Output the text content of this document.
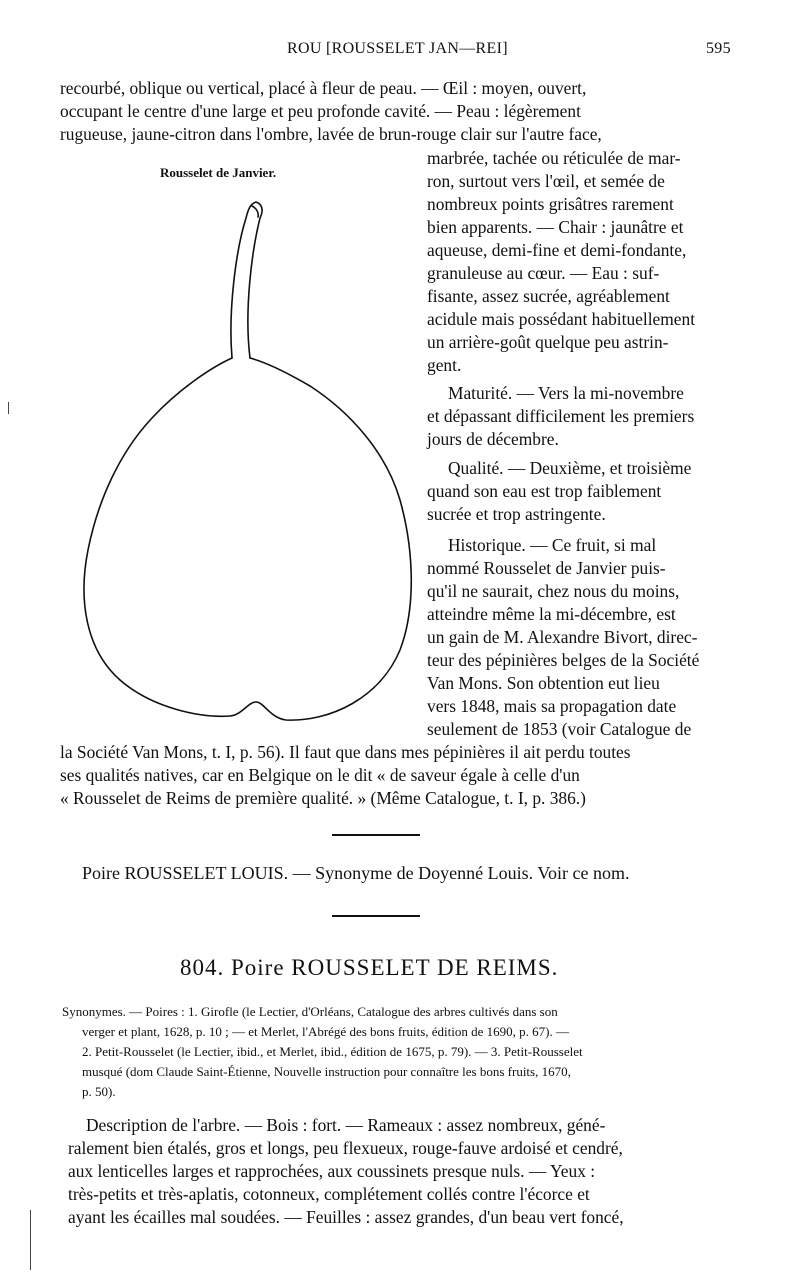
ROU [ROUSSELET JAN—REI]	595
recourbé, oblique ou vertical, placé à fleur de peau. — Œil : moyen, ouvert,
occupant le centre d'une large et peu profonde cavité. — Peau : légèrement
rugueuse, jaune-citron dans l'ombre, lavée de brun-rouge clair sur l'autre face,
Rousselet de Janvier.
marbrée, tachée ou réticulée de mar-
ron, surtout vers l'œil, et semée de
nombreux points grisâtres rarement
bien apparents. — Chair : jaunâtre et
aqueuse, demi-fine et demi-fondante,
granuleuse au cœur. — Eau : suf-
fisante, assez sucrée, agréablement
acidule mais possédant habituellement
un arrière-goût quelque peu astrin-
gent.
Maturité. — Vers la mi-novembre
et dépassant difficilement les premiers
jours de décembre.
Qualité. — Deuxième, et troisième
quand son eau est trop faiblement
sucrée et trop astringente.
Historique. — Ce fruit, si mal
nommé Rousselet de Janvier puis-
qu'il ne saurait, chez nous du moins,
atteindre même la mi-décembre, est
un gain de M. Alexandre Bivort, direc-
teur des pépinières belges de la Société
Van Mons. Son obtention eut lieu
vers 1848, mais sa propagation date
seulement de 1853 (voir Catalogue de
la Société Van Mons, t. I, p. 56). Il faut que dans mes pépinières il ait perdu toutes
ses qualités natives, car en Belgique on le dit « de saveur égale à celle d'un
« Rousselet de Reims de première qualité. » (Même Catalogue, t. I, p. 386.)
Poire ROUSSELET LOUIS. — Synonyme de Doyenné Louis. Voir ce nom.
804. Poire ROUSSELET DE REIMS.
Synonymes. — Poires : 1. Girofle (le Lectier, d'Orléans, Catalogue des arbres cultivés dans son
verger et plant, 1628, p. 10 ; — et Merlet, l'Abrégé des bons fruits, édition de 1690, p. 67). —
2. Petit-Rousselet (le Lectier, ibid., et Merlet, ibid., édition de 1675, p. 79). — 3. Petit-Rousselet
musqué (dom Claude Saint-Étienne, Nouvelle instruction pour connaître les bons fruits, 1670,
p. 50).
Description de l'arbre. — Bois : fort. — Rameaux : assez nombreux, géné-
ralement bien étalés, gros et longs, peu flexueux, rouge-fauve ardoisé et cendré,
aux lenticelles larges et rapprochées, aux coussinets presque nuls. — Yeux :
très-petits et très-aplatis, cotonneux, complétement collés contre l'écorce et
ayant les écailles mal soudées. — Feuilles : assez grandes, d'un beau vert foncé,
